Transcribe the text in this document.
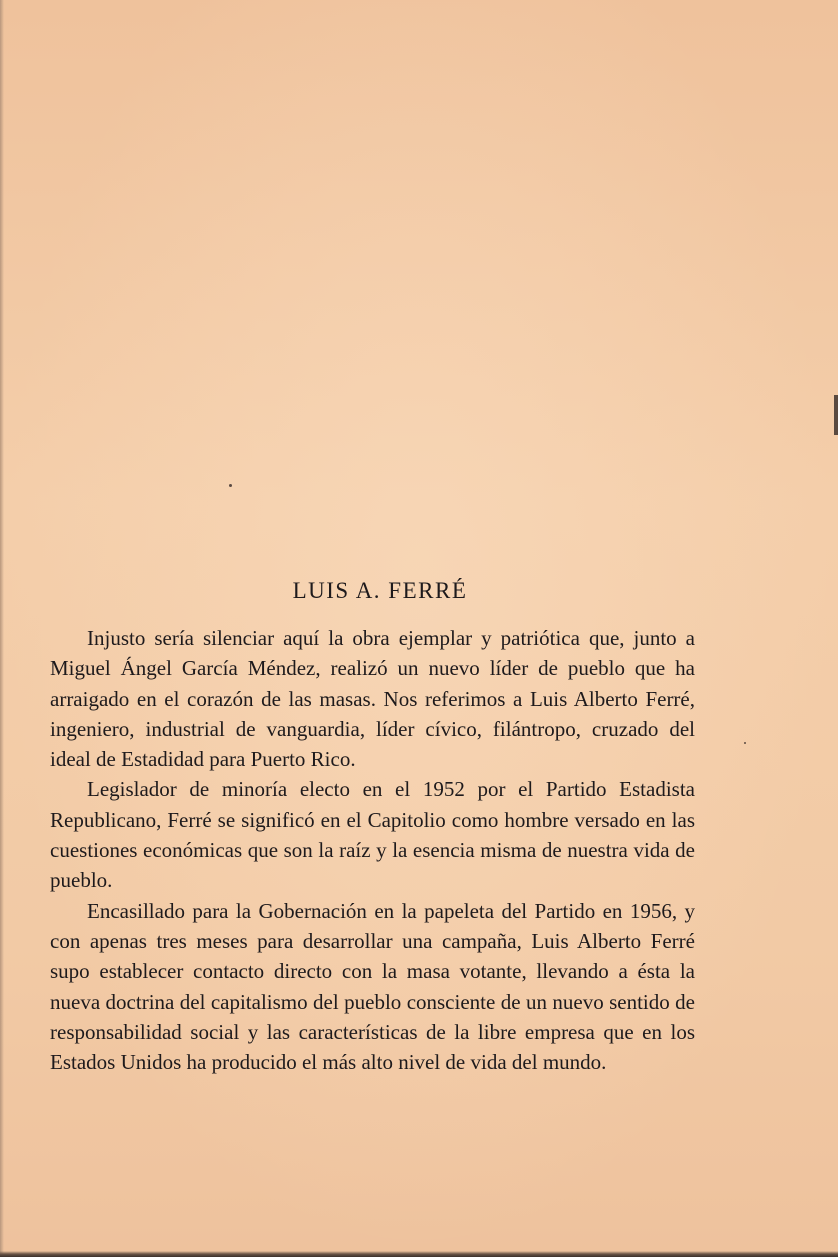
LUIS A. FERRÉ

Injusto sería silenciar aquí la obra ejemplar y patriótica que, junto a Miguel Ángel García Méndez, realizó un nuevo líder de pueblo que ha arraigado en el corazón de las masas. Nos referimos a Luis Alberto Ferré, ingeniero, industrial de vanguardia, líder cívico, filántropo, cruzado del ideal de Estadidad para Puerto Rico.

Legislador de minoría electo en el 1952 por el Partido Estadista Republicano, Ferré se significó en el Capitolio como hombre versado en las cuestiones económicas que son la raíz y la esencia misma de nuestra vida de pueblo.

Encasillado para la Gobernación en la papeleta del Partido en 1956, y con apenas tres meses para desarrollar una campaña, Luis Alberto Ferré supo establecer contacto directo con la masa votante, llevando a ésta la nueva doctrina del capitalismo del pueblo consciente de un nuevo sentido de responsabilidad social y las características de la libre empresa que en los Estados Unidos ha producido el más alto nivel de vida del mundo.
